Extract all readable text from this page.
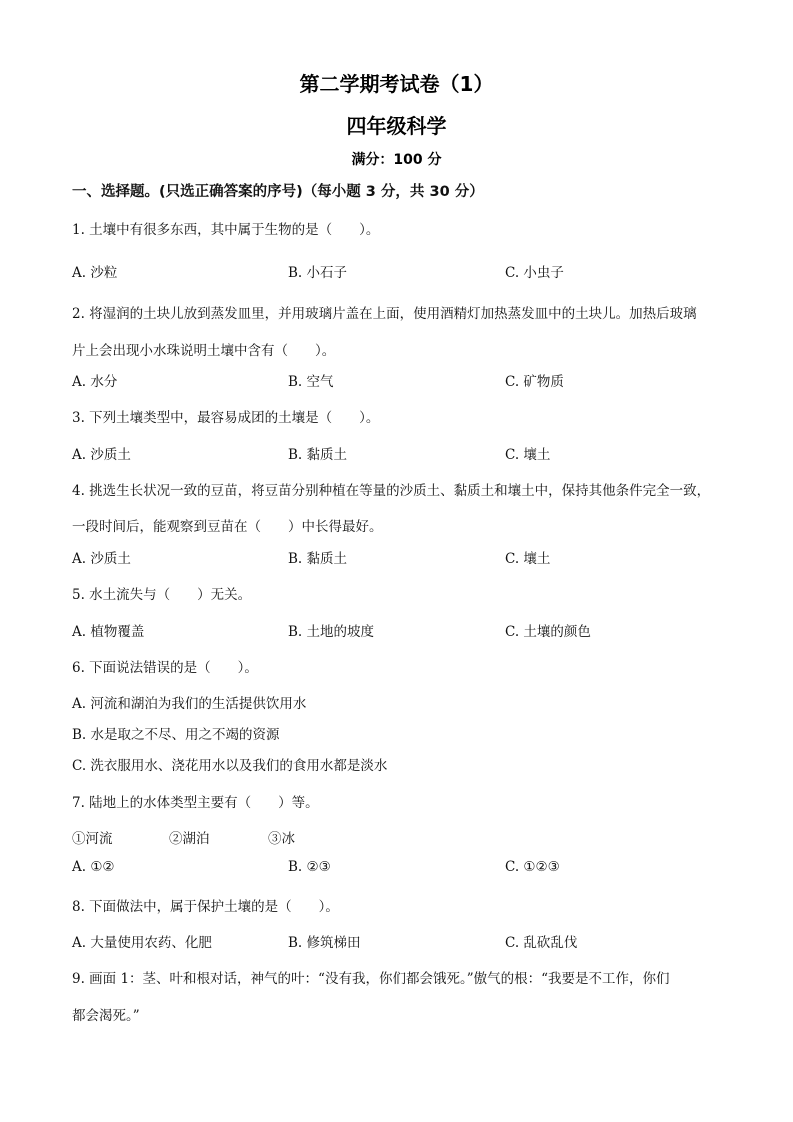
第二学期考试卷（1）
四年级科学
满分：100 分
一、选择题。(只选正确答案的序号)（每小题 3 分，共 30 分）
1. 土壤中有很多东西，其中属于生物的是（　　）。
A. 沙粒	B. 小石子	C. 小虫子
2. 将湿润的土块儿放到蒸发皿里，并用玻璃片盖在上面，使用酒精灯加热蒸发皿中的土块儿。加热后玻璃
片上会出现小水珠说明土壤中含有（　　）。
A. 水分	B. 空气	C. 矿物质
3. 下列土壤类型中，最容易成团的土壤是（　　）。
A. 沙质土	B. 黏质土	C. 壤土
4. 挑选生长状况一致的豆苗，将豆苗分别种植在等量的沙质土、黏质土和壤土中，保持其他条件完全一致，
一段时间后，能观察到豆苗在（　　）中长得最好。
A. 沙质土	B. 黏质土	C. 壤土
5. 水土流失与（　　）无关。
A. 植物覆盖	B. 土地的坡度	C. 土壤的颜色
6. 下面说法错误的是（　　）。
A. 河流和湖泊为我们的生活提供饮用水
B. 水是取之不尽、用之不竭的资源
C. 洗衣服用水、浇花用水以及我们的食用水都是淡水
7. 陆地上的水体类型主要有（　　）等。
①河流	②湖泊	③冰
A. ①②	B. ②③	C. ①②③
8. 下面做法中，属于保护土壤的是（　　）。
A. 大量使用农药、化肥	B. 修筑梯田	C. 乱砍乱伐
9. 画面 1：茎、叶和根对话，神气的叶：“没有我，你们都会饿死。”傲气的根：“我要是不工作，你们
都会渴死。”
